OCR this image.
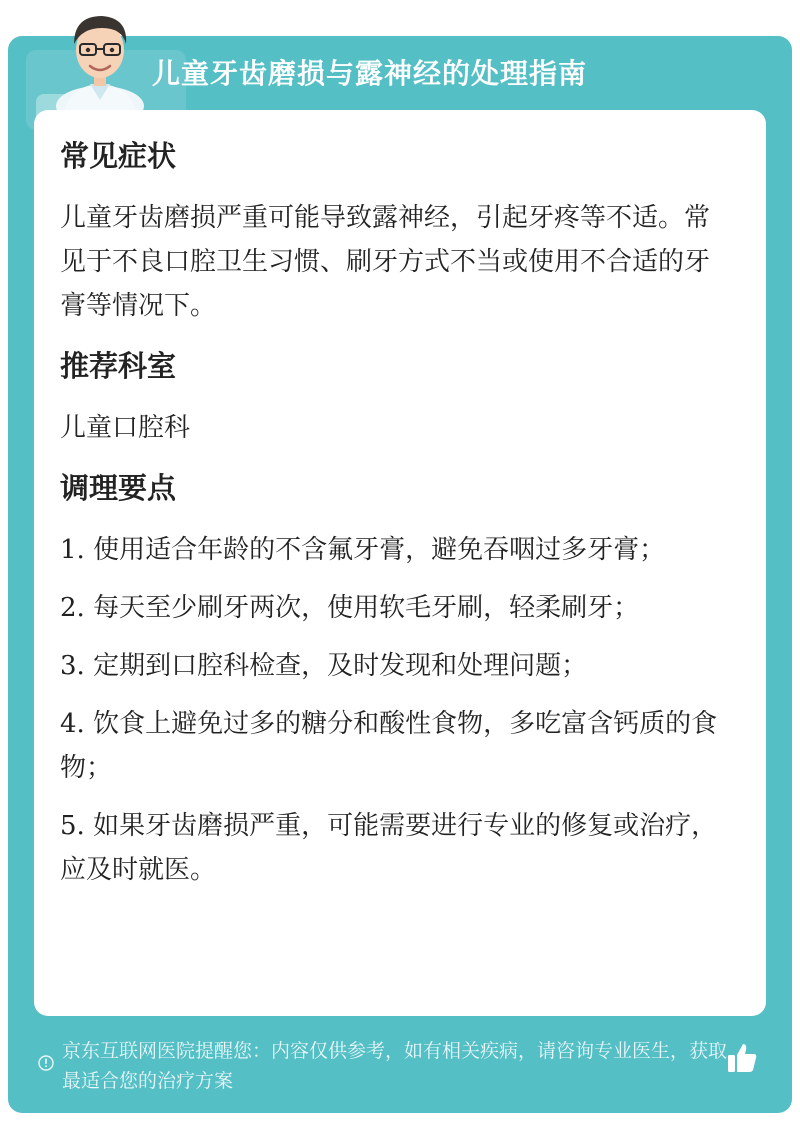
儿童牙齿磨损与露神经的处理指南
常见症状
儿童牙齿磨损严重可能导致露神经，引起牙疼等不适。常见于不良口腔卫生习惯、刷牙方式不当或使用不合适的牙膏等情况下。
推荐科室
儿童口腔科
调理要点
1. 使用适合年龄的不含氟牙膏，避免吞咽过多牙膏；
2. 每天至少刷牙两次，使用软毛牙刷，轻柔刷牙；
3. 定期到口腔科检查，及时发现和处理问题；
4. 饮食上避免过多的糖分和酸性食物，多吃富含钙质的食物；
5. 如果牙齿磨损严重，可能需要进行专业的修复或治疗，应及时就医。
京东互联网医院提醒您：内容仅供参考，如有相关疾病，请咨询专业医生，获取最适合您的治疗方案
